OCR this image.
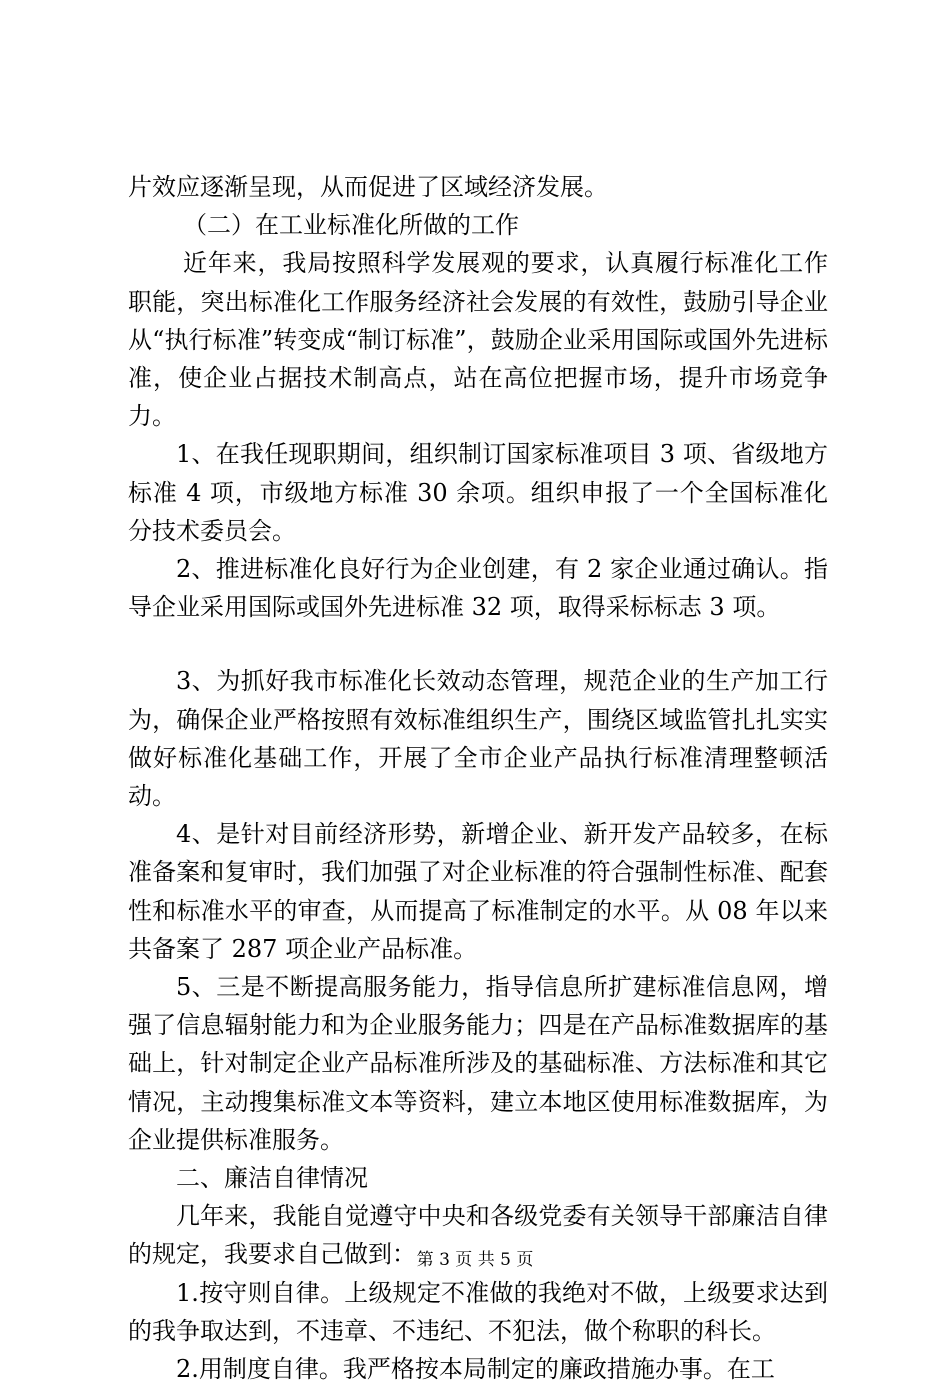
片效应逐渐呈现，从而促进了区域经济发展。

（二）在工业标准化所做的工作

近年来，我局按照科学发展观的要求，认真履行标准化工作职能，突出标准化工作服务经济社会发展的有效性，鼓励引导企业从“执行标准”转变成“制订标准”，鼓励企业采用国际或国外先进标准，使企业占据技术制高点，站在高位把握市场，提升市场竞争力。

1、在我任现职期间，组织制订国家标准项目 3 项、省级地方标准 4 项，市级地方标准 30 余项。组织申报了一个全国标准化分技术委员会。

2、推进标准化良好行为企业创建，有 2 家企业通过确认。指导企业采用国际或国外先进标准 32 项，取得采标标志 3 项。

3、为抓好我市标准化长效动态管理，规范企业的生产加工行为，确保企业严格按照有效标准组织生产，围绕区域监管扎扎实实做好标准化基础工作，开展了全市企业产品执行标准清理整顿活动。

4、是针对目前经济形势，新增企业、新开发产品较多，在标准备案和复审时，我们加强了对企业标准的符合强制性标准、配套性和标准水平的审查，从而提高了标准制定的水平。从 08 年以来共备案了 287 项企业产品标准。

5、三是不断提高服务能力，指导信息所扩建标准信息网，增强了信息辐射能力和为企业服务能力；四是在产品标准数据库的基础上，针对制定企业产品标准所涉及的基础标准、方法标准和其它情况，主动搜集标准文本等资料，建立本地区使用标准数据库，为企业提供标准服务。

二、廉洁自律情况

几年来，我能自觉遵守中央和各级党委有关领导干部廉洁自律的规定，我要求自己做到：

1.按守则自律。上级规定不准做的我绝对不做，上级要求达到的我争取达到，不违章、不违纪、不犯法，做个称职的科长。

2.用制度自律。我严格按本局制定的廉政措施办事。在工

第 3 页 共 5 页
